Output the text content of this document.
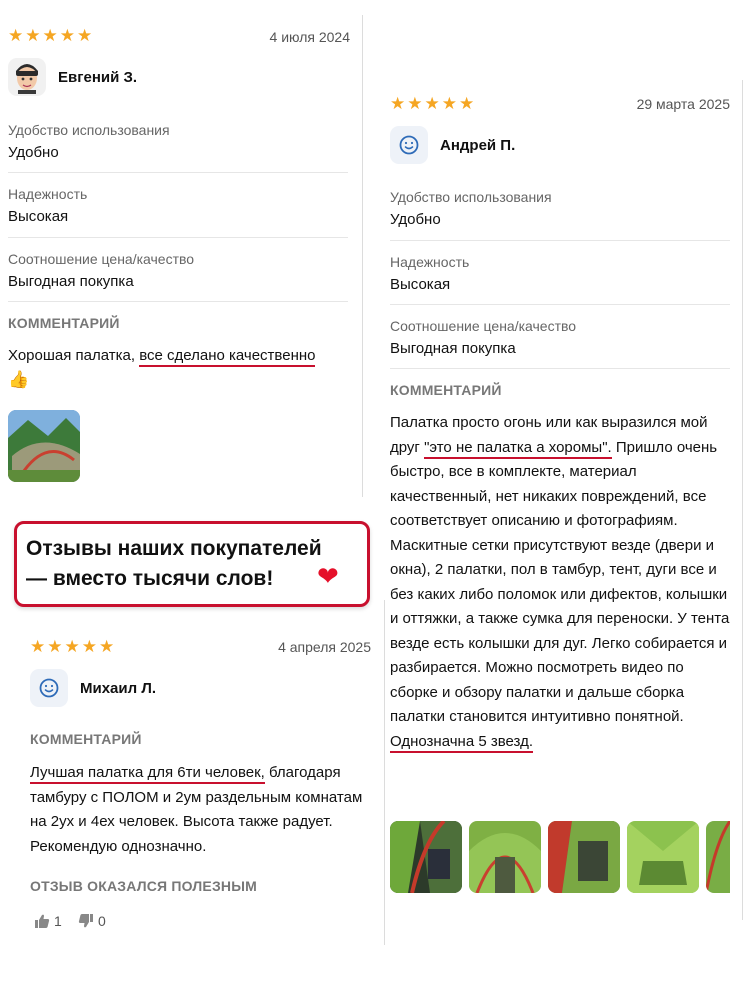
★★★★★	4 июля 2024
Евгений З.
Удобство использования
Удобно
Надежность
Высокая
Соотношение цена/качество
Выгодная покупка
КОММЕНТАРИЙ
Хорошая палатка, все сделано качественно
👍
Отзывы наших покупателей
— вместо тысячи слов! ❤
★★★★★	29 марта 2025
Андрей П.
Удобство использования
Удобно
Надежность
Высокая
Соотношение цена/качество
Выгодная покупка
КОММЕНТАРИЙ
Палатка просто огонь или как выразился мой друг "это не палатка а хоромы". Пришло очень быстро, все в комплекте, материал качественный, нет никаких повреждений, все соответствует описанию и фотографиям. Маскитные сетки присутствуют везде (двери и окна), 2 палатки, пол в тамбур, тент, дуги все и без каких либо поломок или дифектов, колышки и оттяжки, а также сумка для переноски. У тента везде есть колышки для дуг. Легко собирается и разбирается. Можно посмотреть видео по сборке и обзору палатки и дальше сборка палатки становится интуитивно понятной. Однозначна 5 звезд.
★★★★★	4 апреля 2025
Михаил Л.
КОММЕНТАРИЙ
Лучшая палатка для 6ти человек, благодаря тамбуру с ПОЛОМ и 2ум раздельным комнатам на 2ух и 4ех человек. Высота также радует. Рекомендую однозначно.
ОТЗЫВ ОКАЗАЛСЯ ПОЛЕЗНЫМ
1	0
